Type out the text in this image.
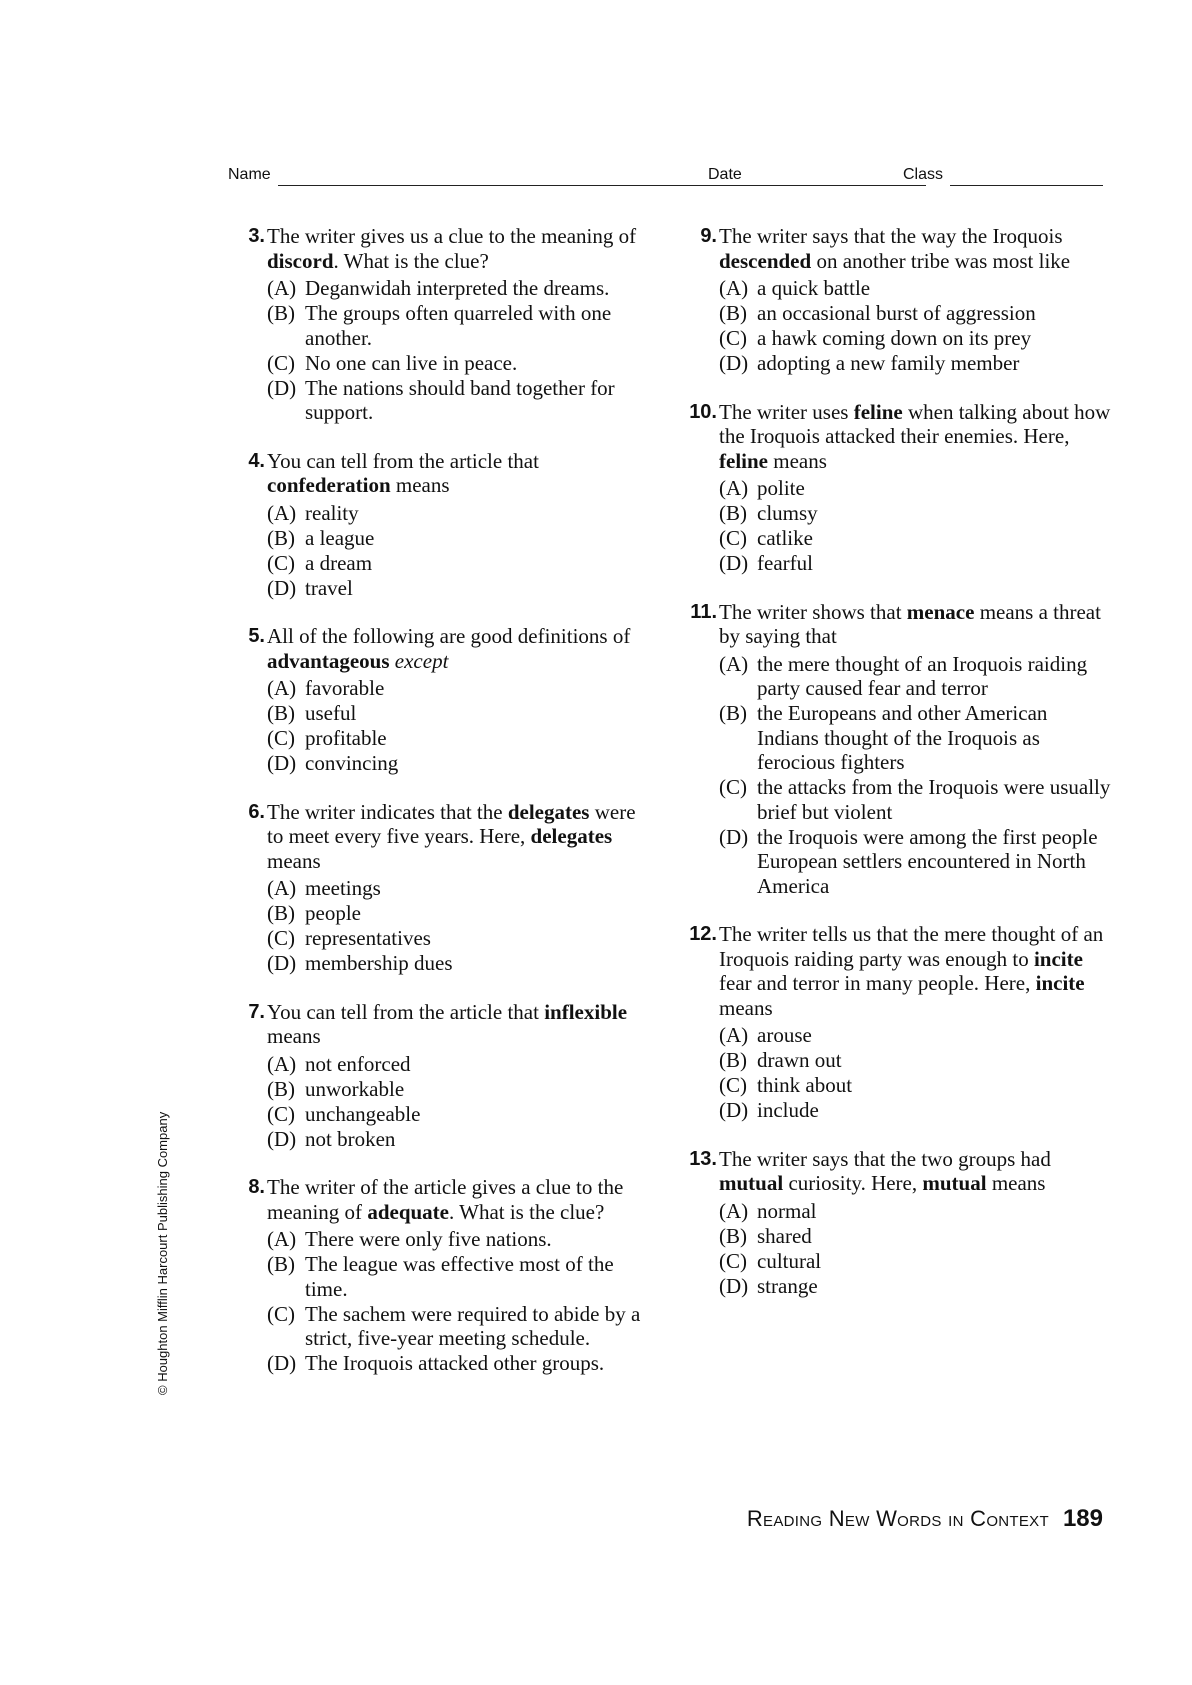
Name	Date	Class
3. The writer gives us a clue to the meaning of discord. What is the clue?

(A) Deganwidah interpreted the dreams.
(B) The groups often quarreled with one another.
(C) No one can live in peace.
(D) The nations should band together for support.
4. You can tell from the article that confederation means

(A) reality
(B) a league
(C) a dream
(D) travel
5. All of the following are good definitions of advantageous except

(A) favorable
(B) useful
(C) profitable
(D) convincing
6. The writer indicates that the delegates were to meet every five years. Here, delegates means

(A) meetings
(B) people
(C) representatives
(D) membership dues
7. You can tell from the article that inflexible means

(A) not enforced
(B) unworkable
(C) unchangeable
(D) not broken
8. The writer of the article gives a clue to the meaning of adequate. What is the clue?

(A) There were only five nations.
(B) The league was effective most of the time.
(C) The sachem were required to abide by a strict, five-year meeting schedule.
(D) The Iroquois attacked other groups.
9. The writer says that the way the Iroquois descended on another tribe was most like

(A) a quick battle
(B) an occasional burst of aggression
(C) a hawk coming down on its prey
(D) adopting a new family member
10. The writer uses feline when talking about how the Iroquois attacked their enemies. Here, feline means

(A) polite
(B) clumsy
(C) catlike
(D) fearful
11. The writer shows that menace means a threat by saying that

(A) the mere thought of an Iroquois raiding party caused fear and terror
(B) the Europeans and other American Indians thought of the Iroquois as ferocious fighters
(C) the attacks from the Iroquois were usually brief but violent
(D) the Iroquois were among the first people European settlers encountered in North America
12. The writer tells us that the mere thought of an Iroquois raiding party was enough to incite fear and terror in many people. Here, incite means

(A) arouse
(B) drawn out
(C) think about
(D) include
13. The writer says that the two groups had mutual curiosity. Here, mutual means

(A) normal
(B) shared
(C) cultural
(D) strange
© Houghton Mifflin Harcourt Publishing Company
Reading New Words in Context 189
